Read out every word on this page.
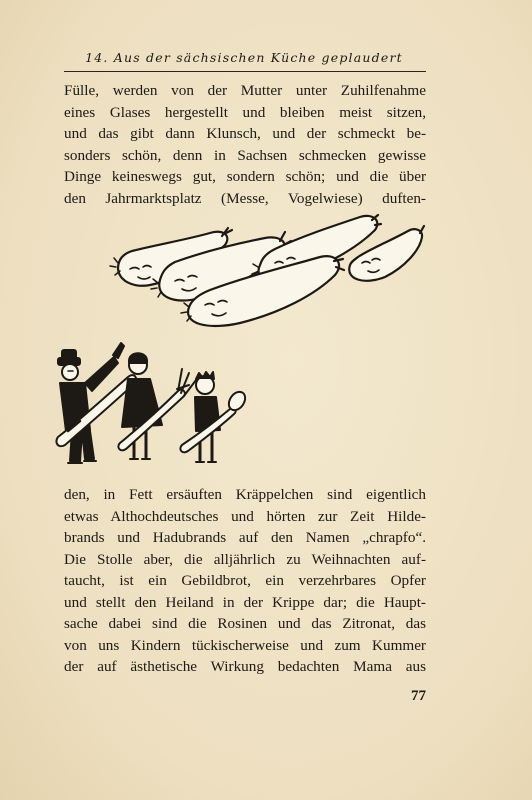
14. Aus der sächsischen Küche geplaudert
Fülle, werden von der Mutter unter Zuhilfenahme
eines Glases hergestellt und bleiben meist sitzen,
und das gibt dann Klunsch, und der schmeckt be-
sonders schön, denn in Sachsen schmecken gewisse
Dinge keineswegs gut, sondern schön; und die über
den Jahrmarktsplatz (Messe, Vogelwiese) duften-
den, in Fett ersäuften Kräppelchen sind eigentlich
etwas Althochdeutsches und hörten zur Zeit Hilde-
brands und Hadubrands auf den Namen „chrapfo“.
Die Stolle aber, die alljährlich zu Weihnachten auf-
taucht, ist ein Gebildbrot, ein verzehrbares Opfer
und stellt den Heiland in der Krippe dar; die Haupt-
sache dabei sind die Rosinen und das Zitronat, das
von uns Kindern tückischerweise und zum Kummer
der auf ästhetische Wirkung bedachten Mama aus
77
